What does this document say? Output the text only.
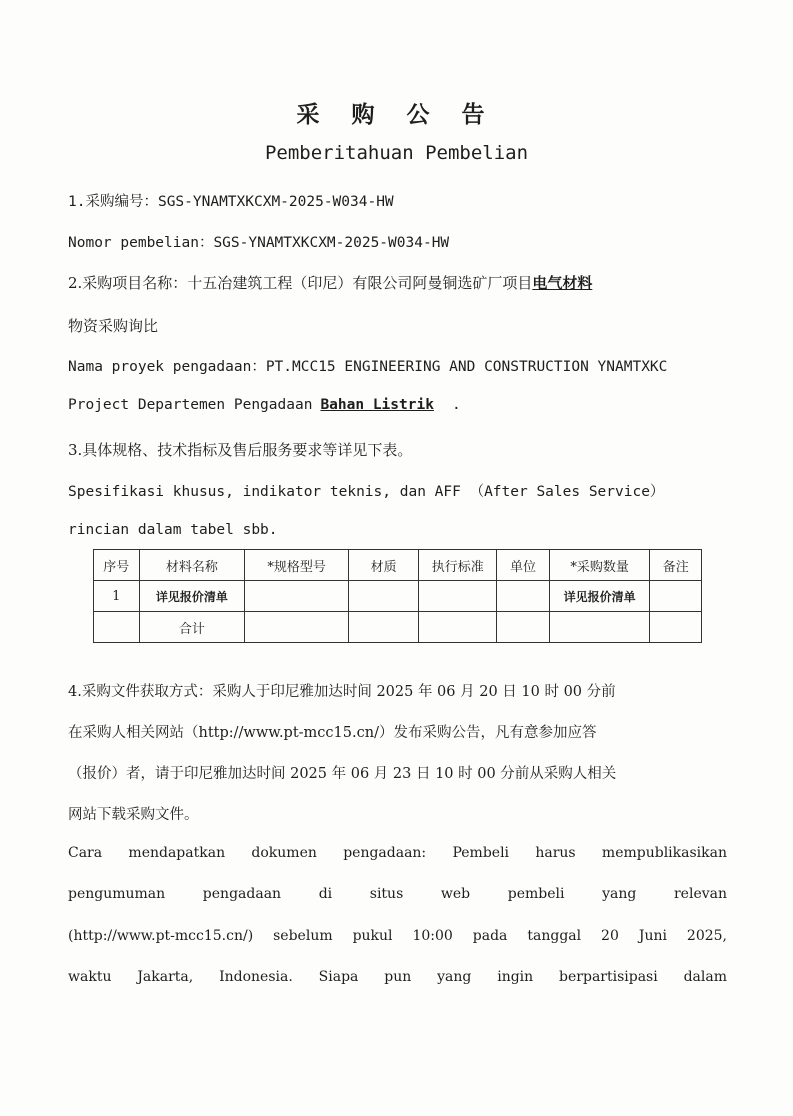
采 购 公 告
Pemberitahuan Pembelian
1.采购编号：SGS-YNAMTXKCXM-2025-W034-HW
Nomor pembelian：SGS-YNAMTXKCXM-2025-W034-HW
2.采购项目名称：十五冶建筑工程（印尼）有限公司阿曼铜选矿厂项目电气材料
物资采购询比
Nama proyek pengadaan：PT.MCC15 ENGINEERING AND CONSTRUCTION YNAMTXKC
Project Departemen Pengadaan Bahan Listrik .
3.具体规格、技术指标及售后服务要求等详见下表。
Spesifikasi khusus, indikator teknis, dan AFF （After Sales Service）
rincian dalam tabel sbb.
序号	材料名称	*规格型号	材质	执行标准	单位	*采购数量	备注
1	详见报价清单					详见报价清单	
	合计						
4.采购文件获取方式：采购人于印尼雅加达时间 2025 年 06 月 20 日 10 时 00 分前
在采购人相关网站（http://www.pt-mcc15.cn/）发布采购公告，凡有意参加应答
（报价）者，请于印尼雅加达时间 2025 年 06 月 23 日 10 时 00 分前从采购人相关
网站下载采购文件。
Cara mendapatkan dokumen pengadaan: Pembeli harus mempublikasikan
pengumuman pengadaan di situs web pembeli yang relevan
(http://www.pt-mcc15.cn/) sebelum pukul 10:00 pada tanggal 20 Juni 2025,
waktu Jakarta, Indonesia. Siapa pun yang ingin berpartisipasi dalam
